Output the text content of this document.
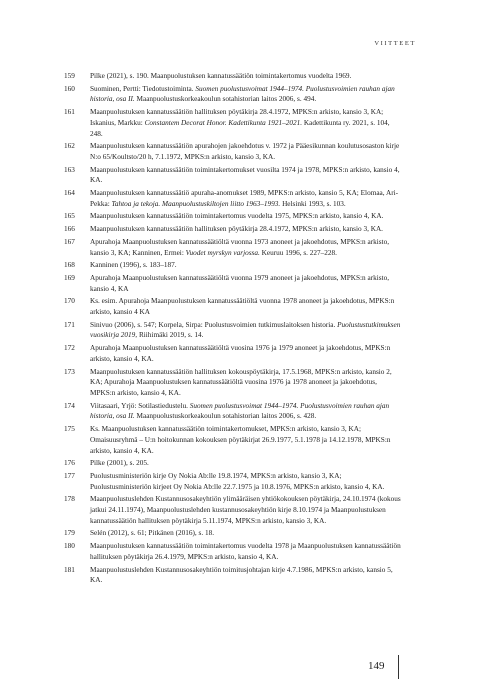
VIITTEET
159	Pilke (2021), s. 190. Maanpuolustuksen kannatussäätiön toimintakertomus vuodelta 1969.
160	Suominen, Pertti: Tiedotustoiminta. Suomen puolustusvoimat 1944–1974. Puolustusvoimien rauhan ajan historia, osa II. Maanpuolustuskorkeakoulun sotahistorian laitos 2006, s. 494.
161	Maanpuolustuksen kannatussäätiön hallituksen pöytäkirja 28.4.1972, MPKS:n arkisto, kansio 3, KA; Iskanius, Markku: Constantem Decorat Honor. Kadettikunta 1921–2021. Kadettikunta ry. 2021, s. 104, 248.
162	Maanpuolustuksen kannatussäätiön apurahojen jakoehdotus v. 1972 ja Pääesikunnan koulutusosaston kirje N:o 65/Koultsto/20 h, 7.1.1972, MPKS:n arkisto, kansio 3, KA.
163	Maanpuolustuksen kannatussäätiön toimintakertomukset vuosilta 1974 ja 1978, MPKS:n arkisto, kansio 4, KA.
164	Maanpuolustuksen kannatussäätiö apuraha-anomukset 1989, MPKS:n arkisto, kansio 5, KA; Elomaa, Ari-Pekka: Tahtoa ja tekoja. Maanpuolustuskiltojen liitto 1963–1993. Helsinki 1993, s. 103.
165	Maanpuolustuksen kannatussäätiön toimintakertomus vuodelta 1975, MPKS:n arkisto, kansio 4, KA.
166	Maanpuolustuksen kannatussäätiön hallituksen pöytäkirja 28.4.1972, MPKS:n arkisto, kansio 3, KA.
167	Apurahoja Maanpuolustuksen kannatussäätiöltä vuonna 1973 anoneet ja jakoehdotus, MPKS:n arkisto, kansio 3, KA; Kanninen, Ermei: Vuodet myrskyn varjossa. Keuruu 1996, s. 227–228.
168	Kanninen (1996), s. 183–187.
169	Apurahoja Maanpuolustuksen kannatussäätiöltä vuonna 1979 anoneet ja jakoehdotus, MPKS:n arkisto, kansio 4, KA
170	Ks. esim. Apurahoja Maanpuolustuksen kannatussäätiöltä vuonna 1978 anoneet ja jakoehdotus, MPKS:n arkisto, kansio 4 KA
171	Sinivuo (2006), s. 547; Korpela, Sirpa: Puolustusvoimien tutkimuslaitoksen historia. Puolustustutkimuksen vuosikirja 2019, Riihimäki 2019, s. 14.
172	Apurahoja Maanpuolustuksen kannatussäätiöltä vuosina 1976 ja 1979 anoneet ja jakoehdotus, MPKS:n arkisto, kansio 4, KA.
173	Maanpuolustuksen kannatussäätiön hallituksen kokouspöytäkirja, 17.5.1968, MPKS:n arkisto, kansio 2, KA; Apurahoja Maanpuolustuksen kannatussäätiöltä vuosina 1976 ja 1978 anoneet ja jakoehdotus, MPKS:n arkisto, kansio 4, KA.
174	Viitasaari, Yrjö: Sotilastiedustelu. Suomen puolustusvoimat 1944–1974. Puolustusvoimien rauhan ajan historia, osa II. Maanpuolustuskorkeakoulun sotahistorian laitos 2006, s. 428.
175	Ks. Maanpuolustuksen kannatussäätiön toimintakertomukset, MPKS:n arkisto, kansio 3, KA; Omaisuusryhmä – U:n hoitokunnan kokouksen pöytäkirjat 26.9.1977, 5.1.1978 ja 14.12.1978, MPKS:n arkisto, kansio 4, KA.
176	Pilke (2001), s. 205.
177	Puolustusministeriön kirje Oy Nokia Ab:lle 19.8.1974, MPKS:n arkisto, kansio 3, KA; Puolustusministeriön kirjeet Oy Nokia Ab:lle 22.7.1975 ja 10.8.1976, MPKS:n arkisto, kansio 4, KA.
178	Maanpuolustuslehden Kustannusosakeyhtiön ylimääräisen yhtiökokouksen pöytäkirja, 24.10.1974 (kokous jatkui 24.11.1974), Maanpuolustuslehden kustannusosakeyhtiön kirje 8.10.1974 ja Maanpuolustuksen kannatussäätiön hallituksen pöytäkirja 5.11.1974, MPKS:n arkisto, kansio 3, KA.
179	Selén (2012), s. 61; Pitkänen (2016), s. 18.
180	Maanpuolustuksen kannatussäätiön toimintakertomus vuodelta 1978 ja Maanpuolustuksen kannatussäätiön hallituksen pöytäkirja 26.4.1979, MPKS:n arkisto, kansio 4, KA.
181	Maanpuolustuslehden Kustannusosakeyhtiön toimitusjohtajan kirje 4.7.1986, MPKS:n arkisto, kansio 5, KA.
149
